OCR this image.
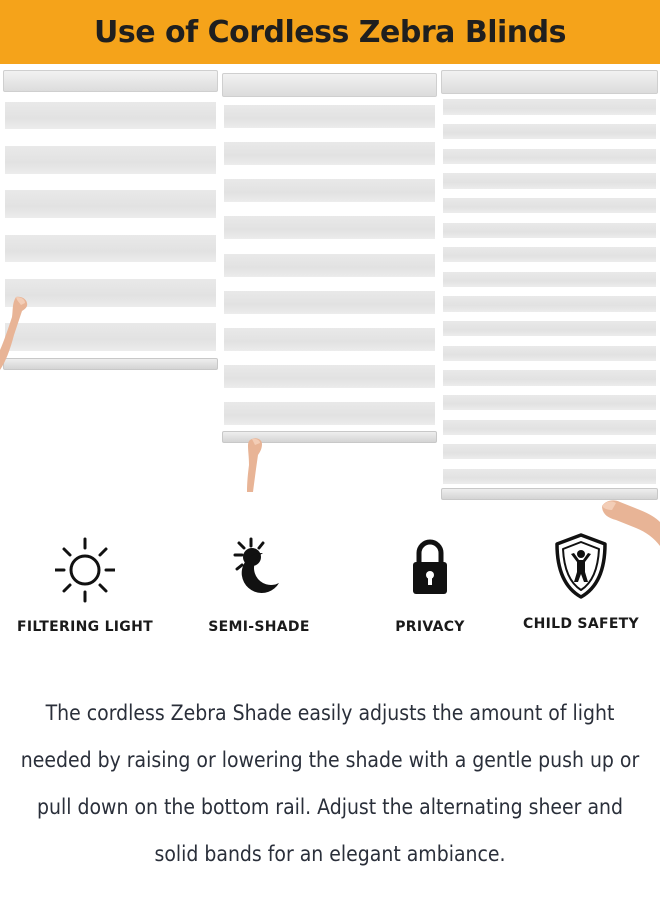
Use of Cordless Zebra Blinds
FILTERING LIGHT	SEMI-SHADE	PRIVACY	CHILD SAFETY

The cordless Zebra Shade easily adjusts the amount of light needed by raising or lowering the shade with a gentle push up or pull down on the bottom rail. Adjust the alternating sheer and solid bands for an elegant ambiance.
